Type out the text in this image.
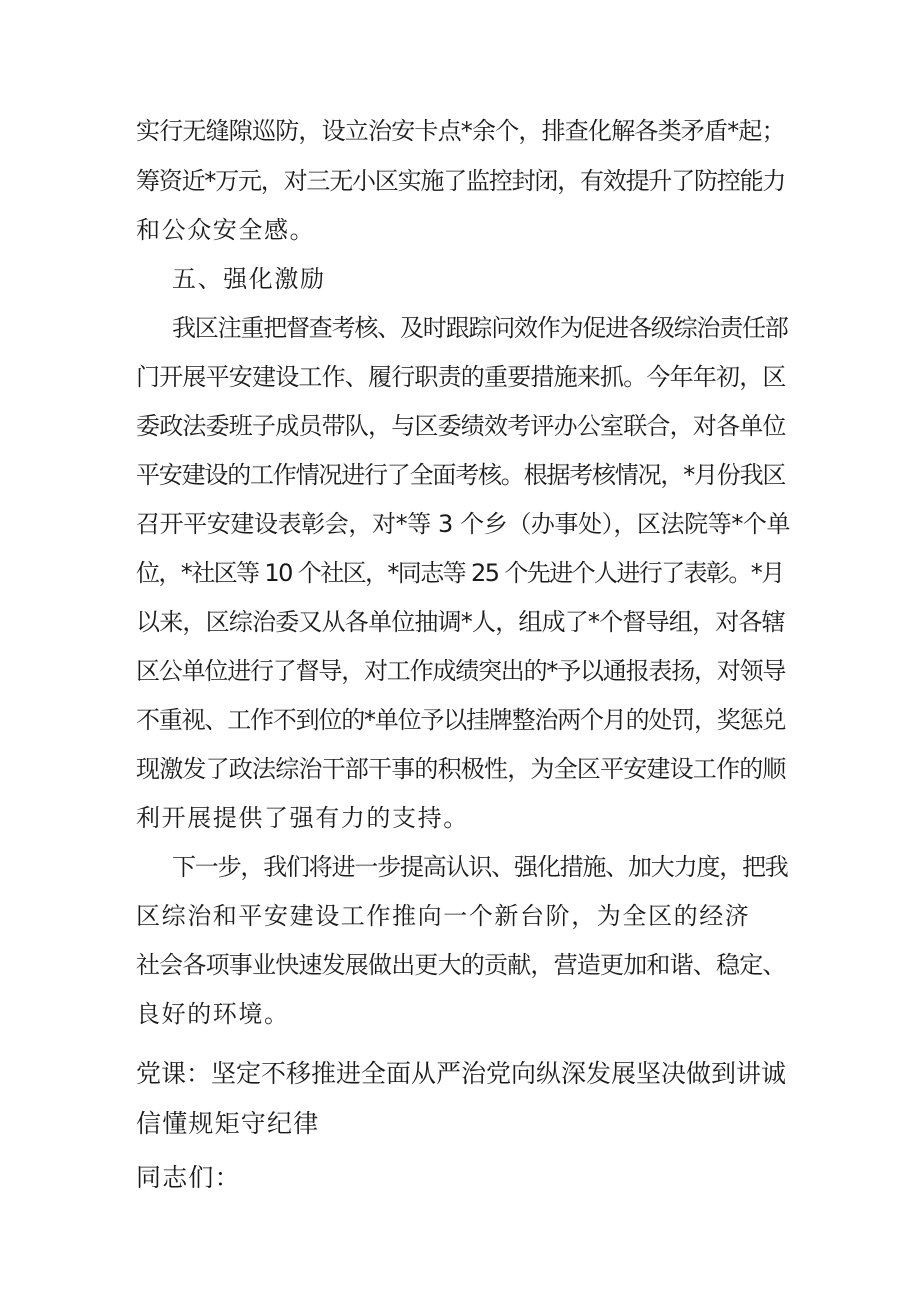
实行无缝隙巡防，设立治安卡点*余个，排查化解各类矛盾*起；
筹资近*万元，对三无小区实施了监控封闭，有效提升了防控能力
和公众安全感。
五、强化激励
我区注重把督查考核、及时跟踪问效作为促进各级综治责任部
门开展平安建设工作、履行职责的重要措施来抓。今年年初，区
委政法委班子成员带队，与区委绩效考评办公室联合，对各单位
平安建设的工作情况进行了全面考核。根据考核情况，*月份我区
召开平安建设表彰会，对*等 3 个乡（办事处），区法院等*个单
位，*社区等 10 个社区，*同志等 25 个先进个人进行了表彰。*月
以来，区综治委又从各单位抽调*人，组成了*个督导组，对各辖
区公单位进行了督导，对工作成绩突出的*予以通报表扬，对领导
不重视、工作不到位的*单位予以挂牌整治两个月的处罚，奖惩兑
现激发了政法综治干部干事的积极性，为全区平安建设工作的顺
利开展提供了强有力的支持。
下一步，我们将进一步提高认识、强化措施、加大力度，把我
区综治和平安建设工作推向一个新台阶，为全区的经济
社会各项事业快速发展做出更大的贡献，营造更加和谐、稳定、
良好的环境。
党课：坚定不移推进全面从严治党向纵深发展坚决做到讲诚
信懂规矩守纪律
同志们：
